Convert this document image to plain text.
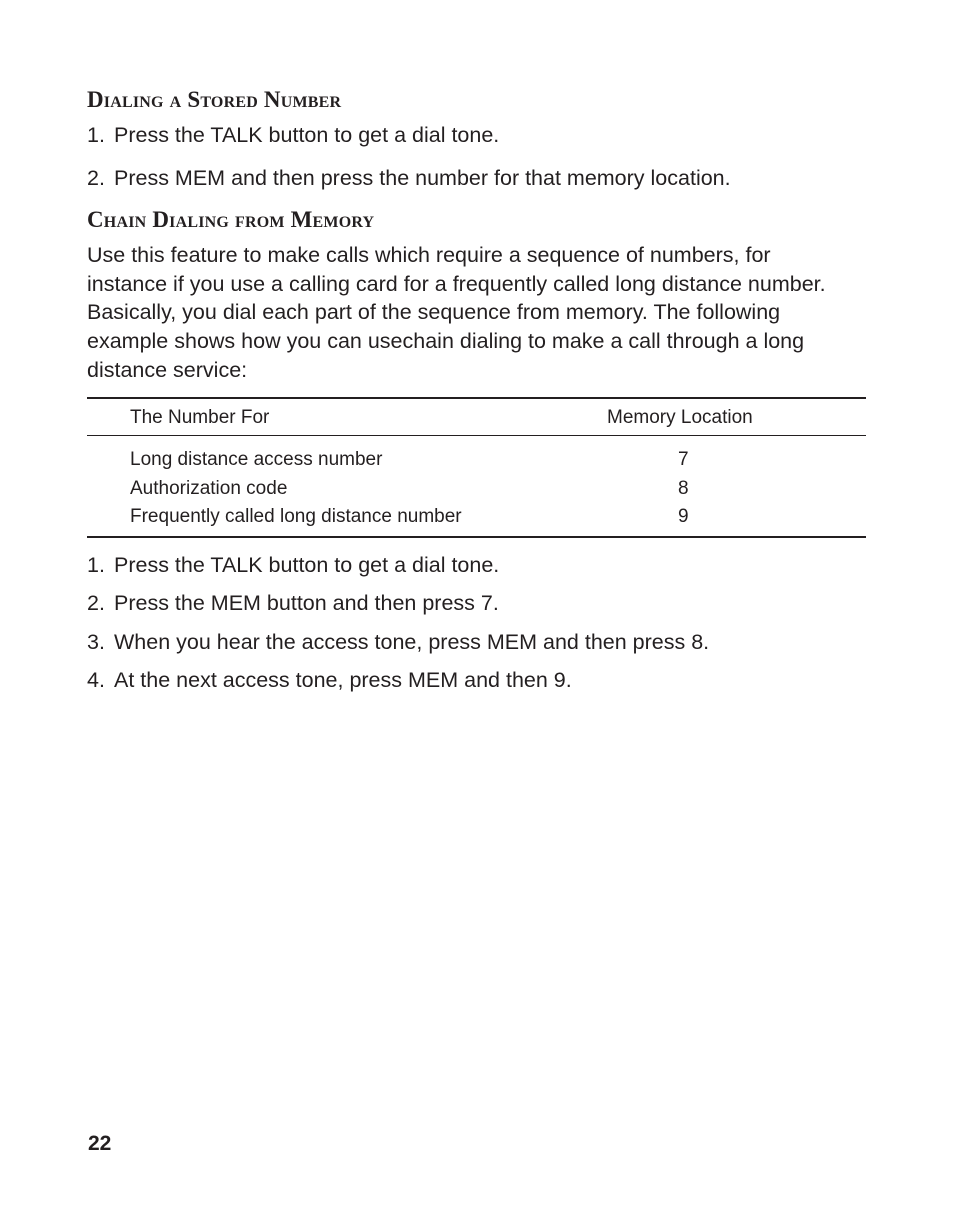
Dialing a Stored Number
1. Press the TALK button to get a dial tone.
2. Press MEM and then press the number for that memory location.
Chain Dialing from Memory

Use this feature to make calls which require a sequence of numbers, for instance if you use a calling card for a frequently called long distance number. Basically, you dial each part of the sequence from memory. The following example shows how you can usechain dialing to make a call through a long distance service:

The Number For	Memory Location
Long distance access number	7
Authorization code	8
Frequently called long distance number	9
1. Press the TALK button to get a dial tone.
2. Press the MEM button and then press 7.
3. When you hear the access tone, press MEM and then press 8.
4. At the next access tone, press MEM and then 9.
22
